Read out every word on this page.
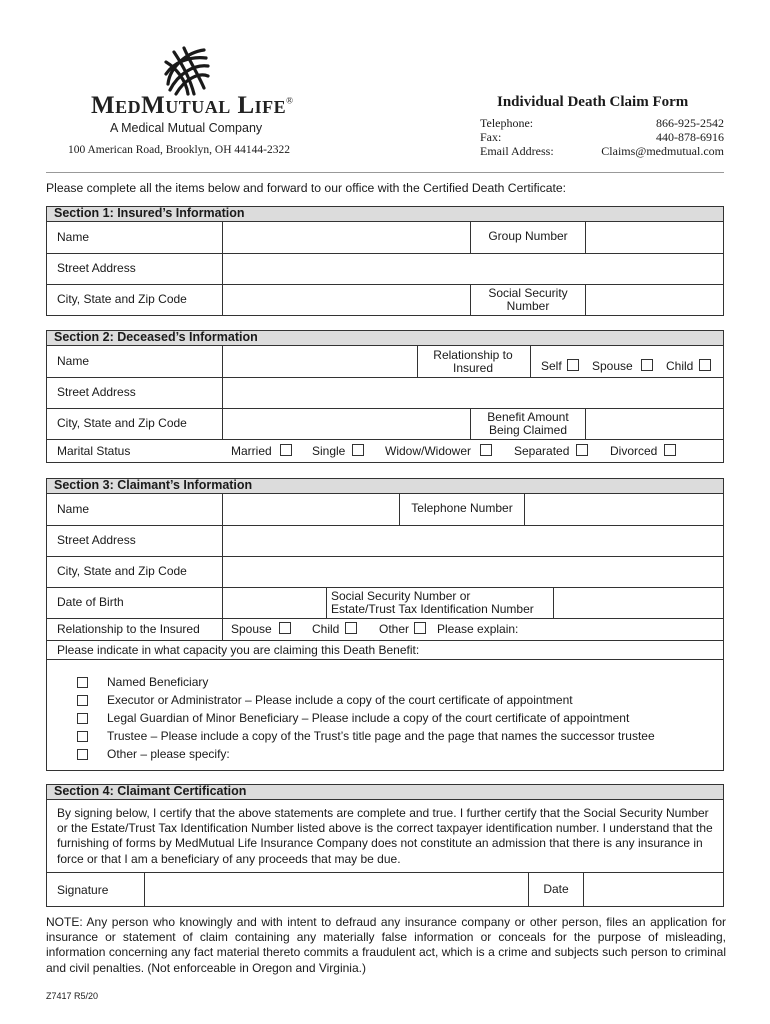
MedMutual Life®
A Medical Mutual Company
100 American Road, Brooklyn, OH 44144-2322
Individual Death Claim Form
Telephone:	866-925-2542
Fax:	440-878-6916
Email Address:	Claims@medmutual.com
Please complete all the items below and forward to our office with the Certified Death Certificate:
Section 1: Insured’s Information
Name	Group Number
Street Address
City, State and Zip Code	Social Security Number
Section 2: Deceased’s Information
Name	Relationship to Insured	Self	Spouse	Child
Street Address
City, State and Zip Code	Benefit Amount Being Claimed
Marital Status	Married	Single	Widow/Widower	Separated	Divorced
Section 3: Claimant’s Information
Name	Telephone Number
Street Address
City, State and Zip Code
Date of Birth	Social Security Number or
Estate/Trust Tax Identification Number
Relationship to the Insured	Spouse	Child	Other Please explain:
Please indicate in what capacity you are claiming this Death Benefit:
Named Beneficiary
Executor or Administrator – Please include a copy of the court certificate of appointment
Legal Guardian of Minor Beneficiary – Please include a copy of the court certificate of appointment
Trustee – Please include a copy of the Trust’s title page and the page that names the successor trustee
Other – please specify:
Section 4: Claimant Certification
By signing below, I certify that the above statements are complete and true. I further certify that the Social Security Number or the Estate/Trust Tax Identification Number listed above is the correct taxpayer identification number. I understand that the furnishing of forms by MedMutual Life Insurance Company does not constitute an admission that there is any insurance in force or that I am a beneficiary of any proceeds that may be due.
Signature	Date
NOTE: Any person who knowingly and with intent to defraud any insurance company or other person, files an application for insurance or statement of claim containing any materially false information or conceals for the purpose of misleading, information concerning any fact material thereto commits a fraudulent act, which is a crime and subjects such person to criminal and civil penalties. (Not enforceable in Oregon and Virginia.)
Z7417 R5/20
